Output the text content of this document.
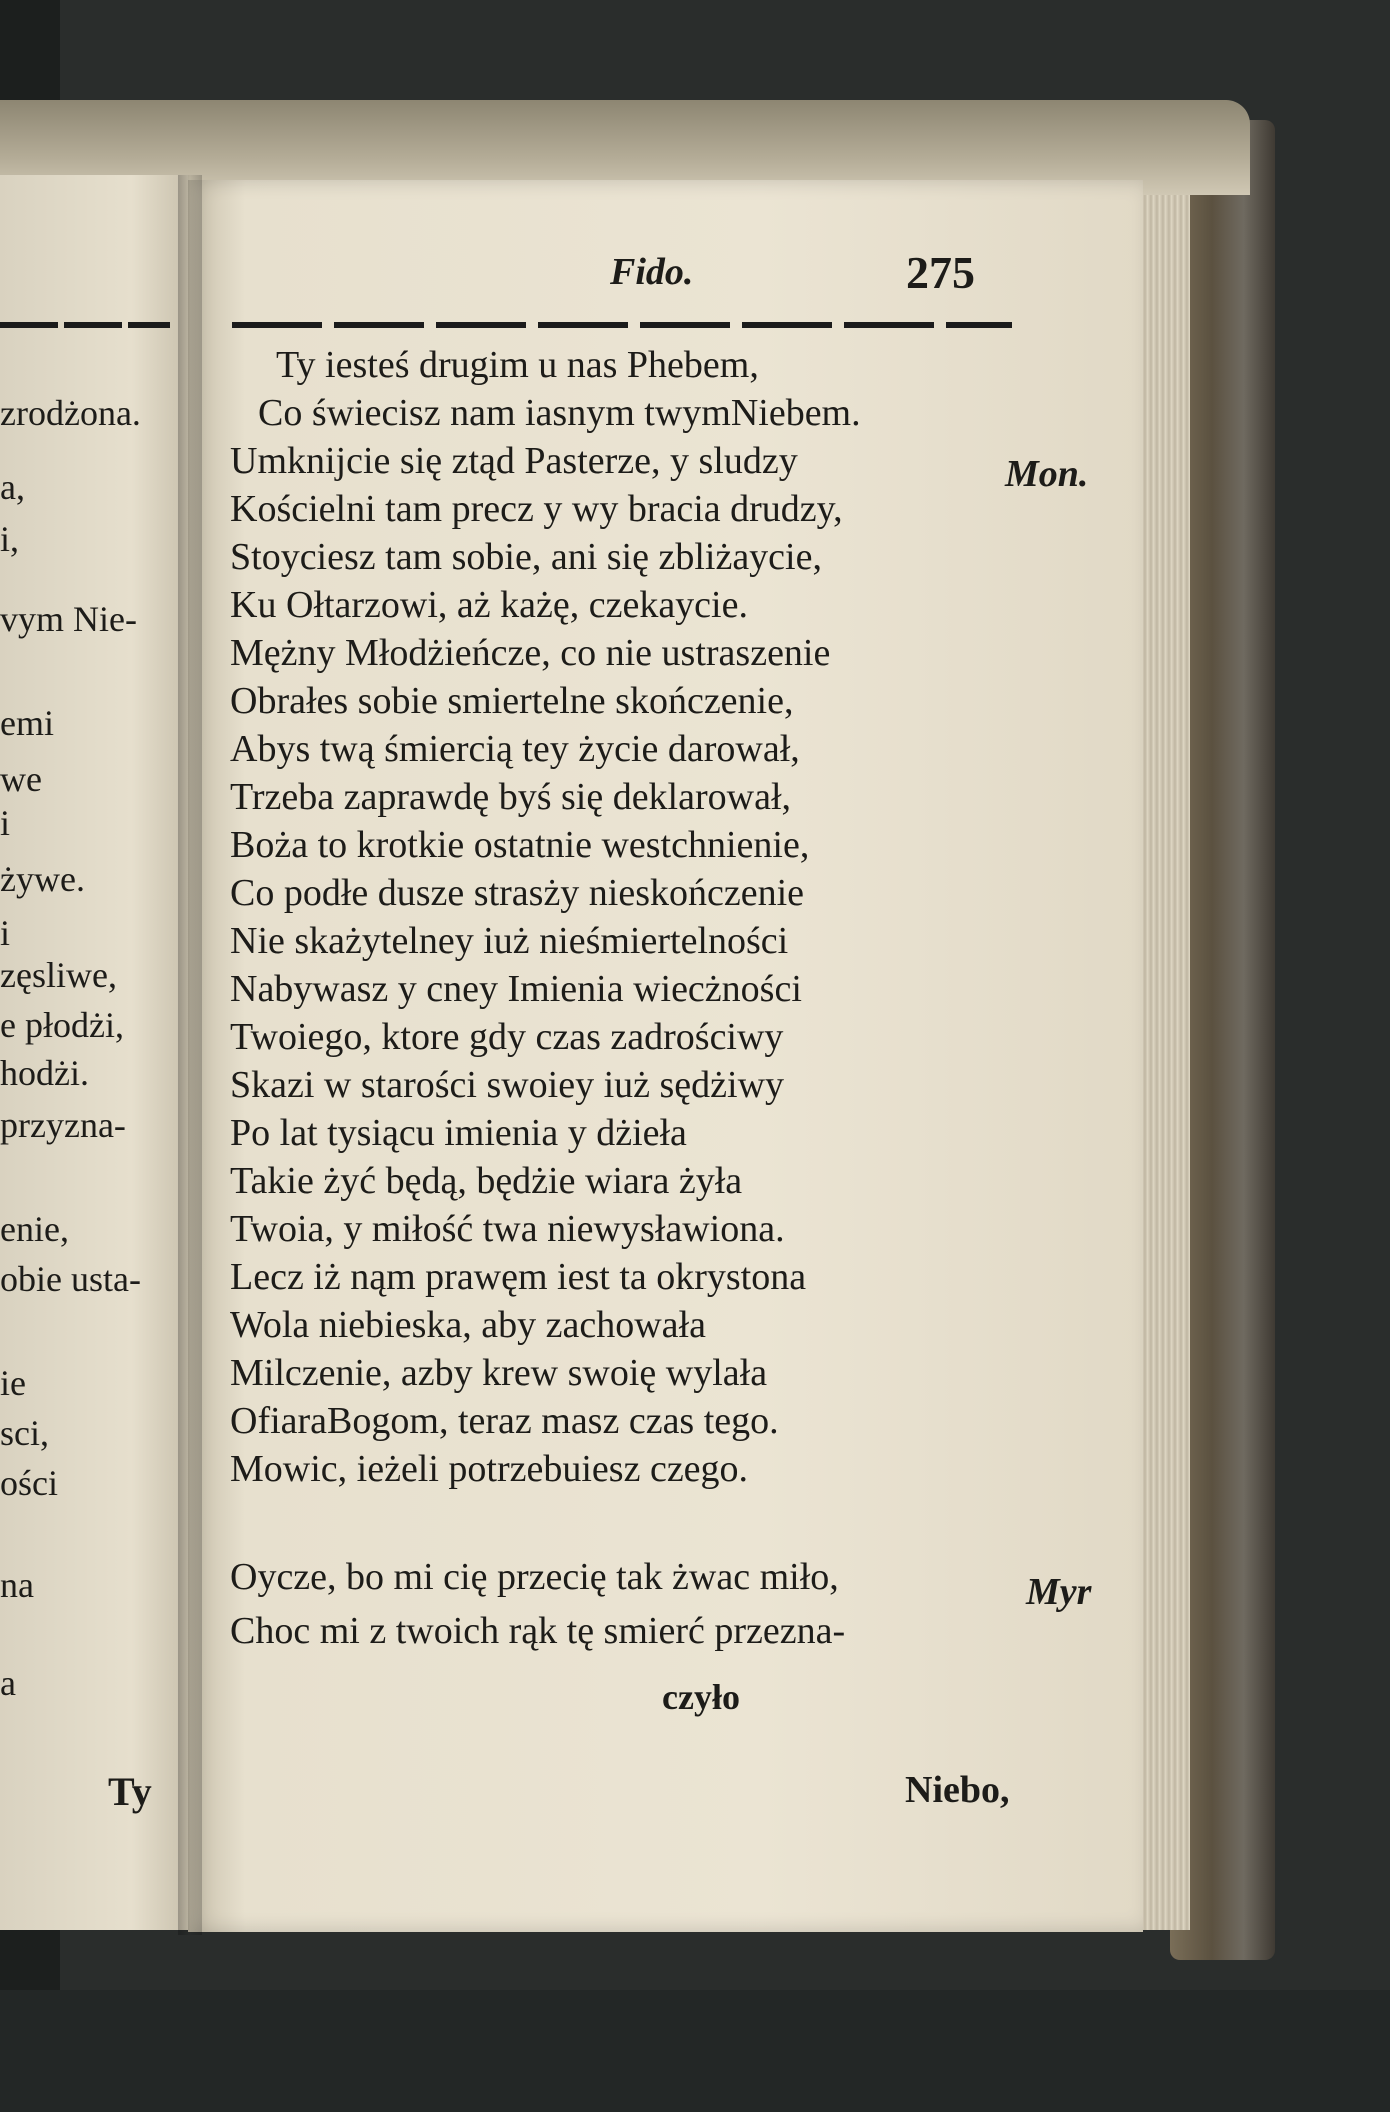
zrodżona.
a,
i,
vym Nie-
emi
we
i
żywe.
i
zęsliwe,
e płodżi,
hodżi.
przyzna-
enie,
obie usta-
ie
sci,
ości
na
a
Ty
Fido.	275
Ty iesteś drugim u nas Phebem,
Co świecisz nam iasnym twymNiebem.
Umknijcie się ztąd Pasterze, y sludzy
Kościelni tam precz y wy bracia drudzy,
Stoyciesz tam sobie, ani się zbliżaycie,
Ku Ołtarzowi, aż każę, czekaycie.
Mężny Młodżieńcze, co nie ustraszenie
Obrałes sobie smiertelne skończenie,
Abys twą śmiercią tey życie darował,
Trzeba zaprawdę byś się deklarował,
Boża to krotkie ostatnie westchnienie,
Co podłe dusze strasży nieskończenie
Nie skażytelney iuż nieśmiertelności
Nabywasz y cney Imienia wiecżności
Twoiego, ktore gdy czas zadrościwy
Skazi w starości swoiey iuż sędżiwy
Po lat tysiącu imienia y dżieła
Takie żyć będą, będżie wiara żyła
Twoia, y miłość twa niewysławiona.
Lecz iż nąm prawęm iest ta okrystona
Wola niebieska, aby zachowała
Milczenie, azby krew swoię wylała
OfiaraBogom, teraz masz czas tego.
Mowic, ieżeli potrzebuiesz czego.
Oycze, bo mi cię przecię tak żwac miło,
Choc mi z twoich rąk tę smierć przezna-
Mon.
Myr
czyło
Niebo,
